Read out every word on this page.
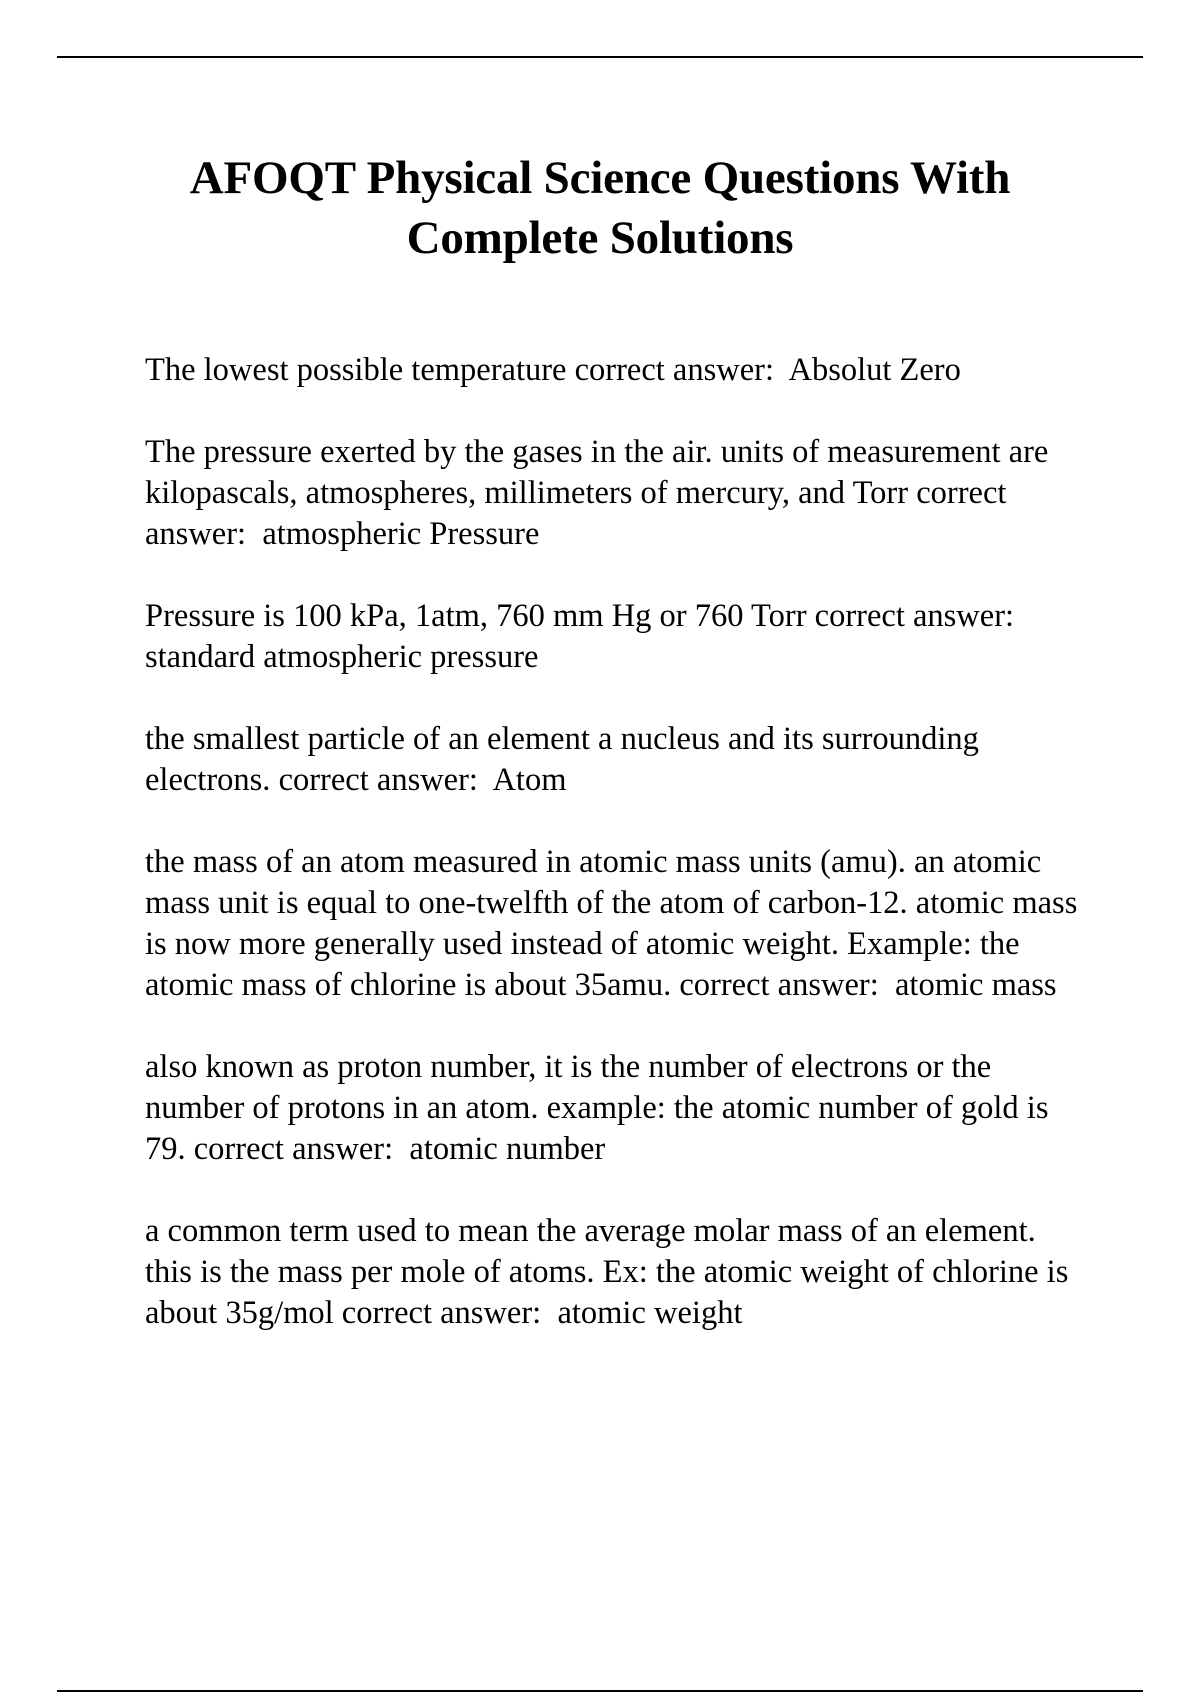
AFOQT Physical Science Questions With Complete Solutions

The lowest possible temperature correct answer: Absolut Zero

The pressure exerted by the gases in the air. units of measurement are kilopascals, atmospheres, millimeters of mercury, and Torr correct answer: atmospheric Pressure

Pressure is 100 kPa, 1atm, 760 mm Hg or 760 Torr correct answer:  standard atmospheric pressure

the smallest particle of an element a nucleus and its surrounding electrons. correct answer: Atom

the mass of an atom measured in atomic mass units (amu). an atomic mass unit is equal to one-twelfth of the atom of carbon-12. atomic mass is now more generally used instead of atomic weight. Example: the atomic mass of chlorine is about 35amu. correct answer: atomic mass

also known as proton number, it is the number of electrons or the number of protons in an atom. example: the atomic number of gold is 79. correct answer: atomic number

a common term used to mean the average molar mass of an element. this is the mass per mole of atoms. Ex: the atomic weight of chlorine is about 35g/mol correct answer: atomic weight
